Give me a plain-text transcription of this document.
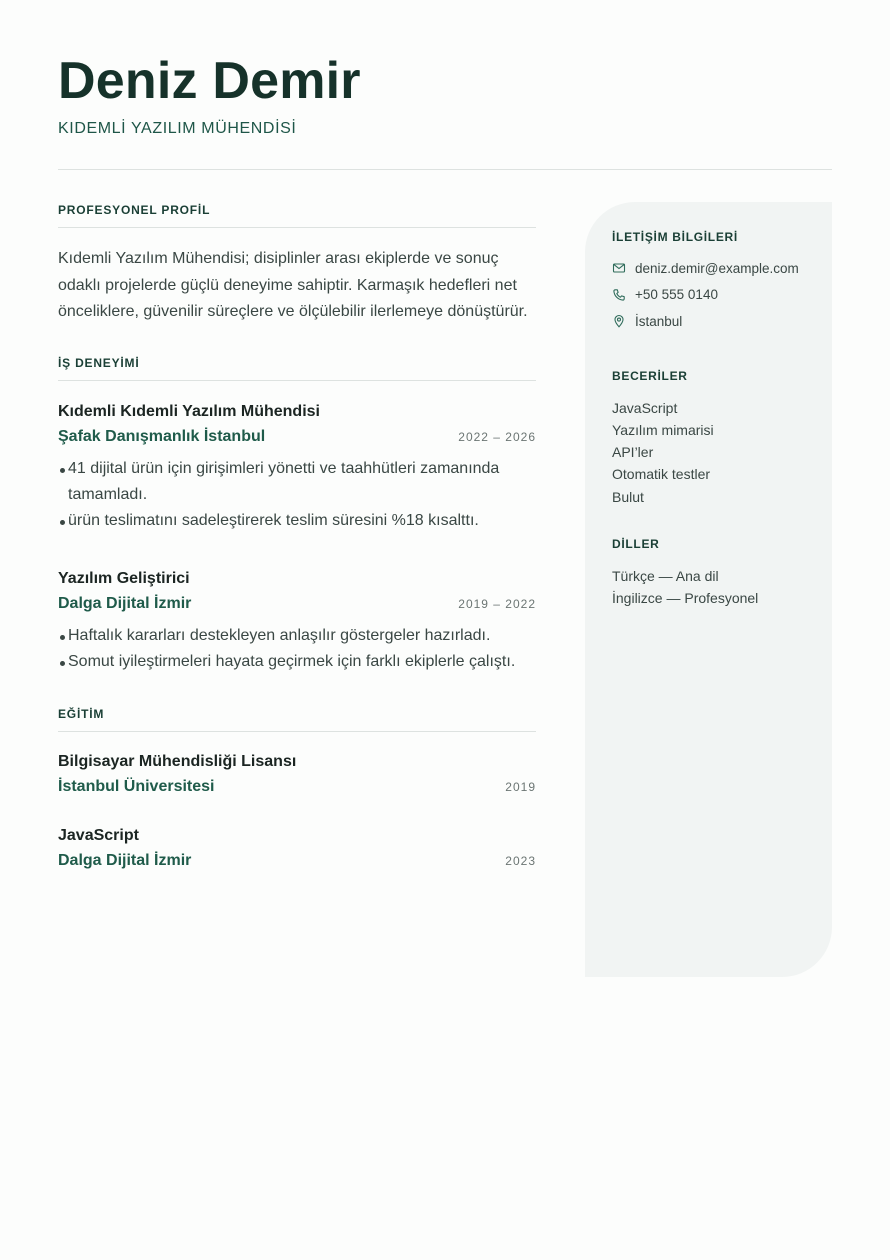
Deniz Demir
KIDEMLİ YAZILIM MÜHENDİSİ
PROFESYONEL PROFİL

Kıdemli Yazılım Mühendisi; disiplinler arası ekiplerde ve sonuç odaklı projelerde güçlü deneyime sahiptir. Karmaşık hedefleri net önceliklere, güvenilir süreçlere ve ölçülebilir ilerlemeye dönüştürür.

İŞ DENEYİMİ
Kıdemli Kıdemli Yazılım Mühendisi
Şafak Danışmanlık İstanbul	2022 – 2026
41 dijital ürün için girişimleri yönetti ve taahhütleri zamanında tamamladı.
ürün teslimatını sadeleştirerek teslim süresini %18 kısalttı.
Yazılım Geliştirici
Dalga Dijital İzmir	2019 – 2022
Haftalık kararları destekleyen anlaşılır göstergeler hazırladı.
Somut iyileştirmeleri hayata geçirmek için farklı ekiplerle çalıştı.
EĞİTİM
Bilgisayar Mühendisliği Lisansı
İstanbul Üniversitesi	2019
JavaScript
Dalga Dijital İzmir	2023
İLETİŞİM BİLGİLERİ
deniz.demir@example.com
+50 555 0140
İstanbul
BECERİLER
JavaScript
Yazılım mimarisi
API’ler
Otomatik testler
Bulut
DİLLER
Türkçe — Ana dil
İngilizce — Profesyonel
